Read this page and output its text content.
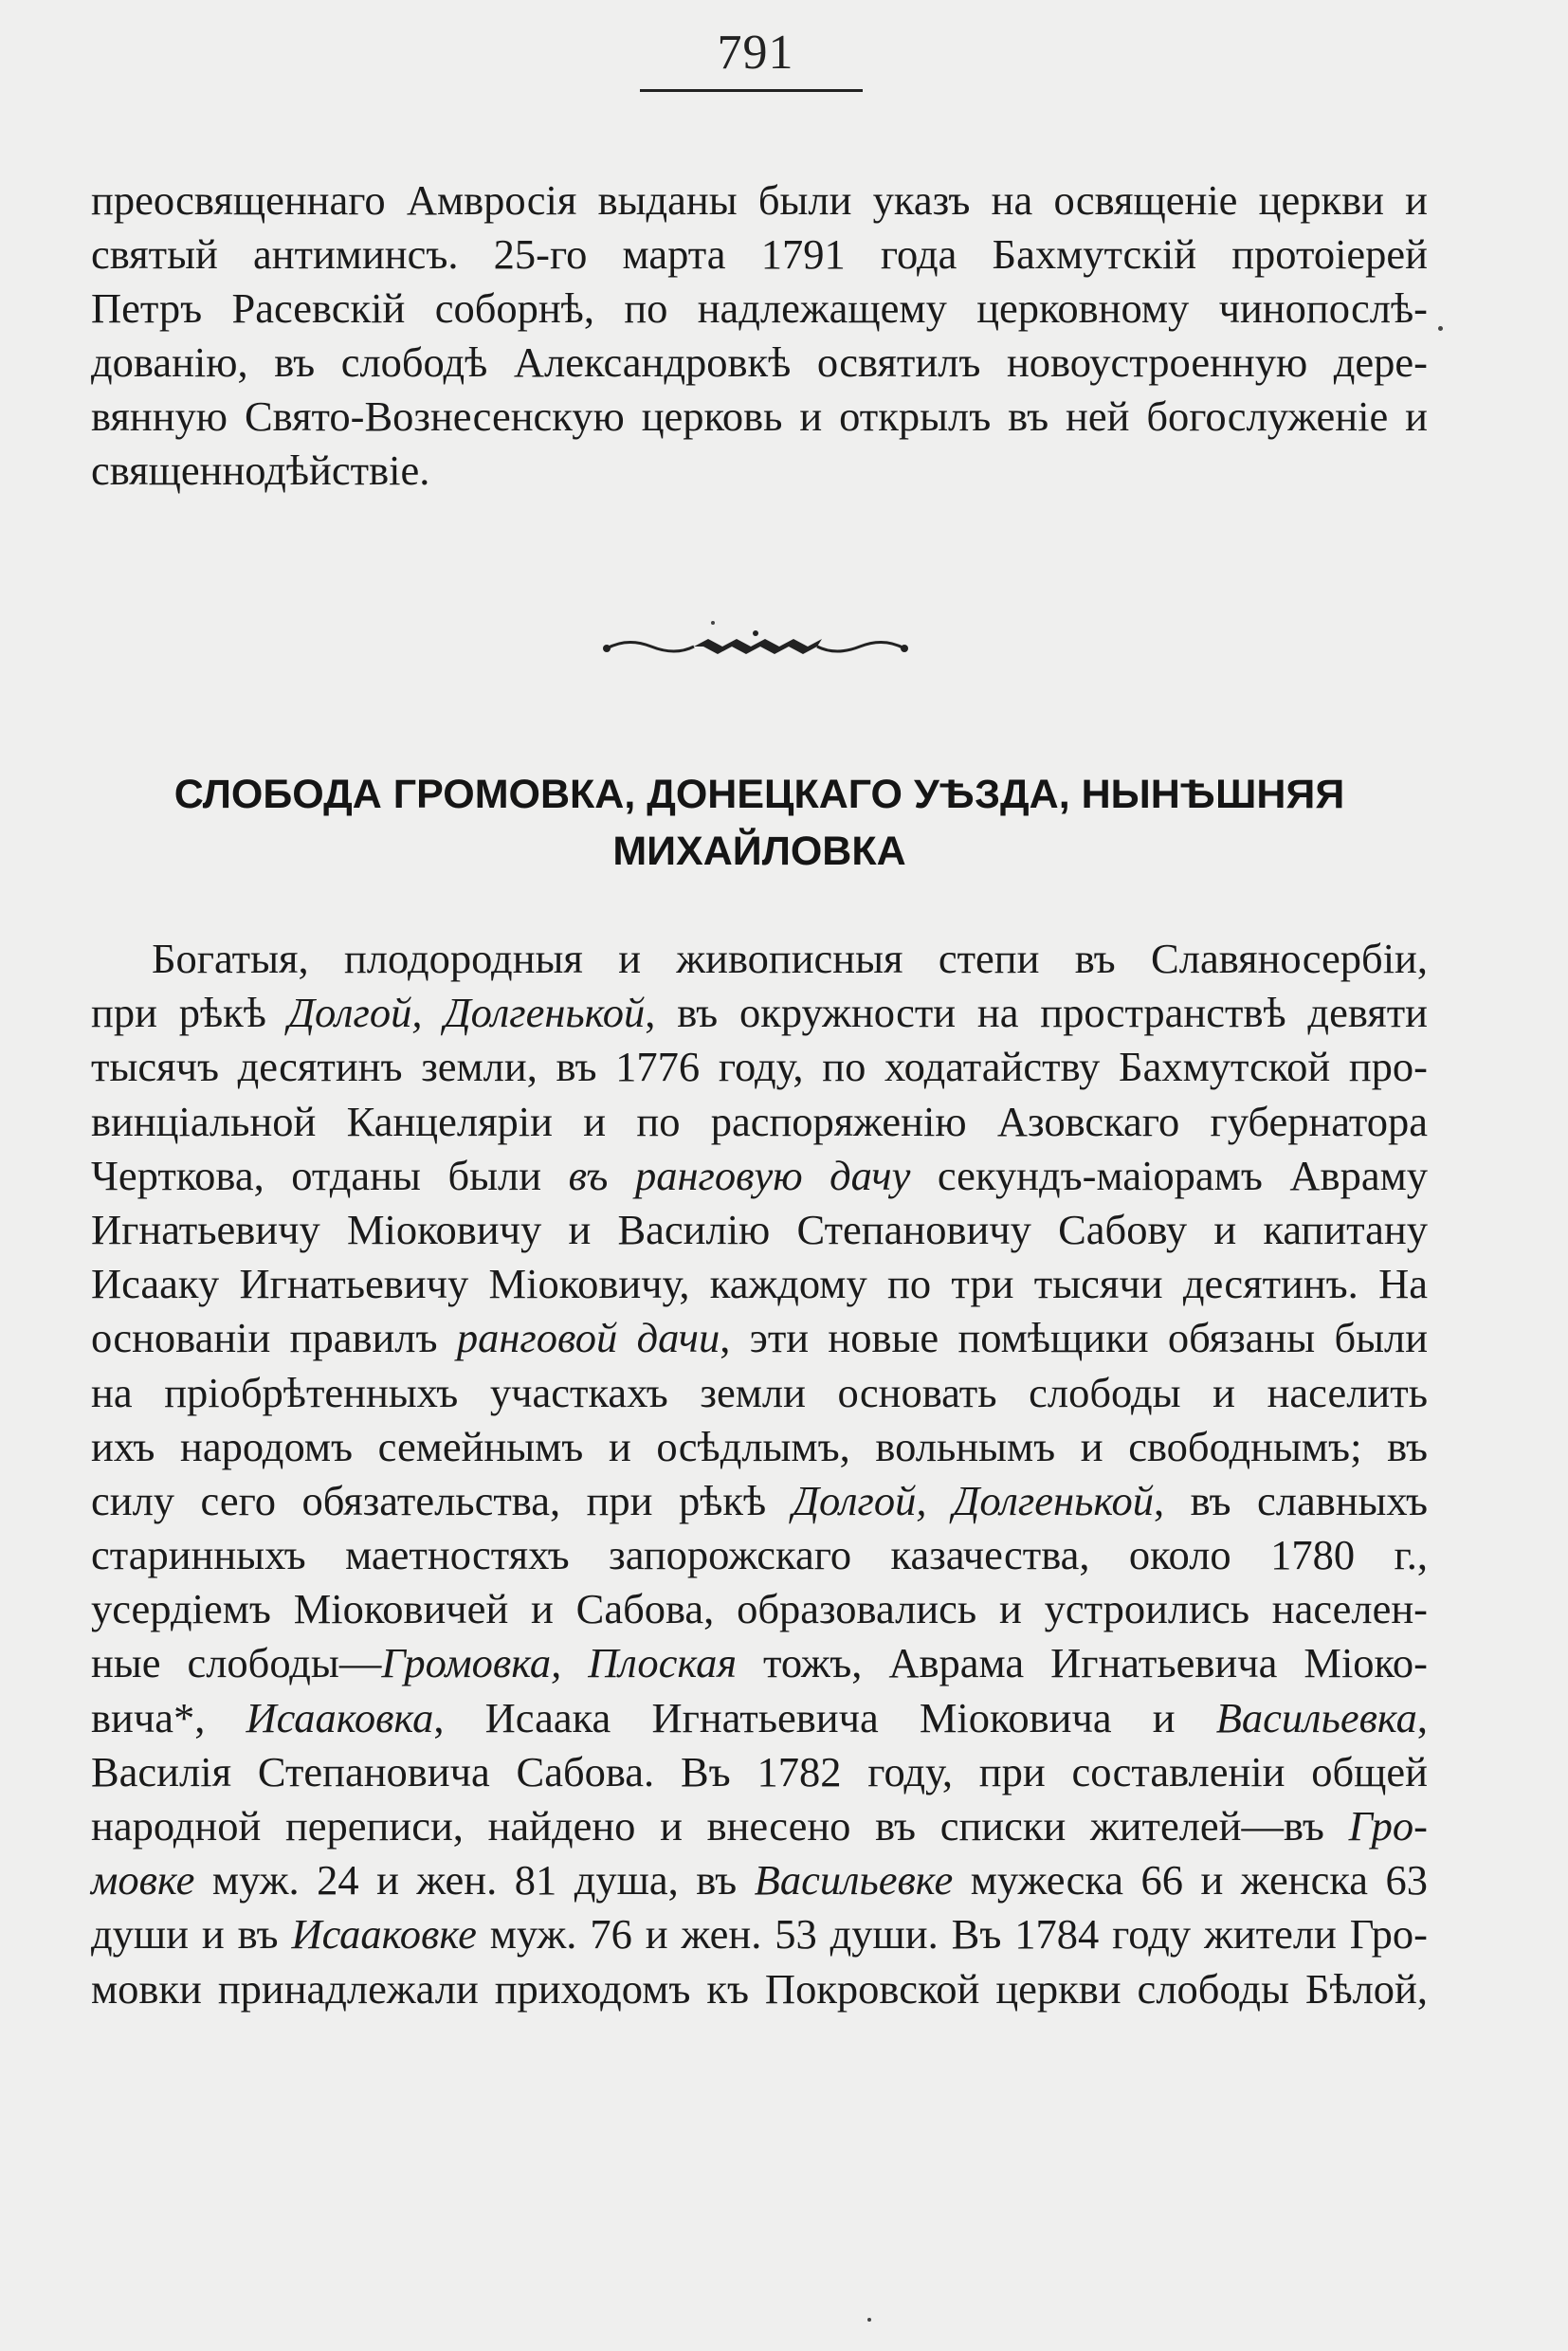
791
преосвященнаго Амвросія выданы были указъ на освященіе церкви и
святый антиминсъ. 25-го марта 1791 года Бахмутскій протоіерей
Петръ Расевскій соборнѣ, по надлежащему церковному чинопослѣ-
дованію, въ слободѣ Александровкѣ освятилъ новоустроенную дере-
вянную Свято-Вознесенскую церковь и открылъ въ ней богослуженіе и
священнодѣйствіе.
СЛОБОДА ГРОМОВКА, ДОНЕЦКАГО УѢЗДА, НЫНѢШНЯЯ
МИХАЙЛОВКА
Богатыя, плодородныя и живописныя степи въ Славяносербіи,
при рѣкѣ Долгой, Долгенькой, въ окружности на пространствѣ девяти
тысячъ десятинъ земли, въ 1776 году, по ходатайству Бахмутской про-
винціальной Канцеляріи и по распоряженію Азовскаго губернатора
Черткова, отданы были въ ранговую дачу секундъ-маіорамъ Авраму
Игнатьевичу Міоковичу и Василію Степановичу Сабову и капитану
Исааку Игнатьевичу Міоковичу, каждому по три тысячи десятинъ. На
основаніи правилъ ранговой дачи, эти новые помѣщики обязаны были
на пріобрѣтенныхъ участкахъ земли основать слободы и населить
ихъ народомъ семейнымъ и осѣдлымъ, вольнымъ и свободнымъ; въ
силу сего обязательства, при рѣкѣ Долгой, Долгенькой, въ славныхъ
старинныхъ маетностяхъ запорожскаго казачества, около 1780 г.,
усердіемъ Міоковичей и Сабова, образовались и устроились населен-
ные слободы—Громовка, Плоская тожъ, Аврама Игнатьевича Міоко-
вича*, Исааковка, Исаака Игнатьевича Міоковича и Васильевка,
Василія Степановича Сабова. Въ 1782 году, при составленіи общей
народной переписи, найдено и внесено въ списки жителей—въ Гро-
мовке муж. 24 и жен. 81 душа, въ Васильевке мужеска 66 и женска 63
души и въ Исааковке муж. 76 и жен. 53 души. Въ 1784 году жители Гро-
мовки принадлежали приходомъ къ Покровской церкви слободы Бѣлой,
